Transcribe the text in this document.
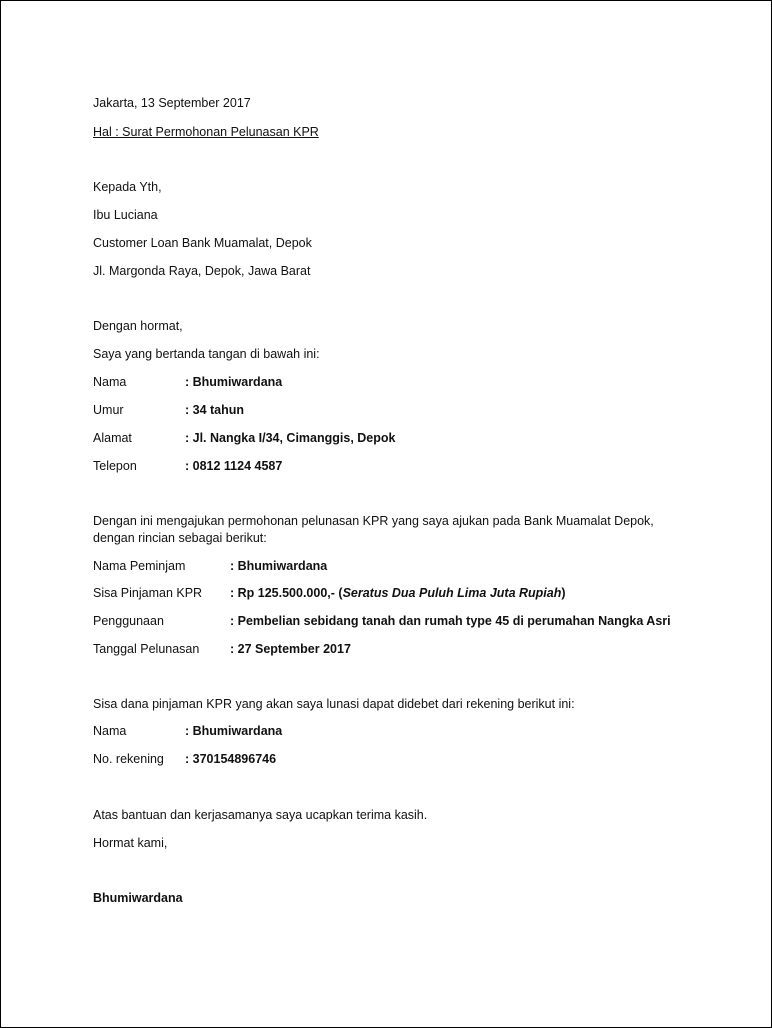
Jakarta, 13 September 2017
Hal : Surat Permohonan Pelunasan KPR
Kepada Yth,
Ibu Luciana
Customer Loan Bank Muamalat, Depok
Jl. Margonda Raya, Depok, Jawa Barat
Dengan hormat,
Saya yang bertanda tangan di bawah ini:
Nama	: Bhumiwardana
Umur	: 34 tahun
Alamat	: Jl. Nangka I/34, Cimanggis, Depok
Telepon	: 0812 1124 4587
Dengan ini mengajukan permohonan pelunasan KPR yang saya ajukan pada Bank Muamalat Depok,
dengan rincian sebagai berikut:
Nama Peminjam	: Bhumiwardana
Sisa Pinjaman KPR : Rp 125.500.000,- (Seratus Dua Puluh Lima Juta Rupiah)
Penggunaan	: Pembelian sebidang tanah dan rumah type 45 di perumahan Nangka Asri
Tanggal Pelunasan : 27 September 2017
Sisa dana pinjaman KPR yang akan saya lunasi dapat didebet dari rekening berikut ini:
Nama	: Bhumiwardana
No. rekening : 370154896746
Atas bantuan dan kerjasamanya saya ucapkan terima kasih.
Hormat kami,
Bhumiwardana
